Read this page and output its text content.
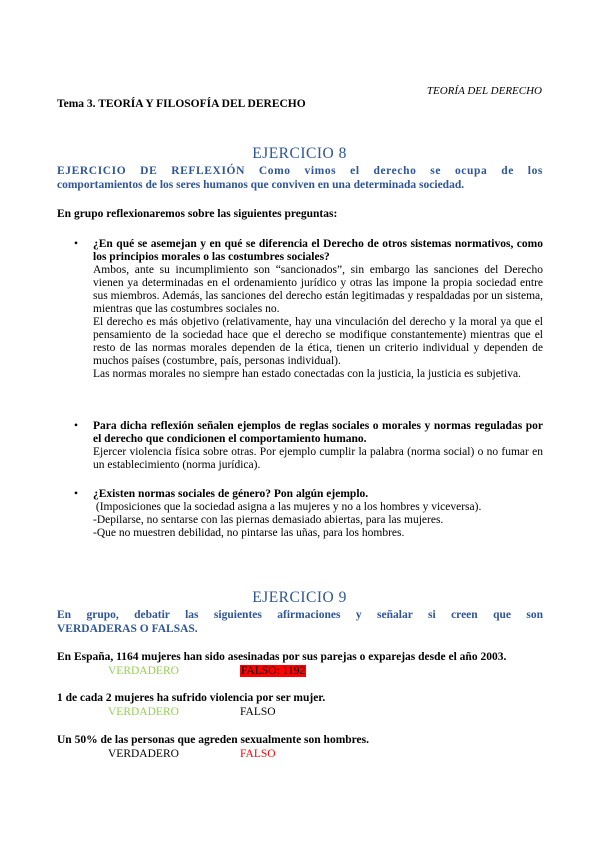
TEORÍA DEL DERECHO
Tema 3. TEORÍA Y FILOSOFÍA DEL DERECHO
EJERCICIO 8
EJERCICIO DE REFLEXIÓN Como vimos el derecho se ocupa de los
comportamientos de los seres humanos que conviven en una determinada sociedad.
En grupo reflexionaremos sobre las siguientes preguntas:
• ¿En qué se asemejan y en qué se diferencia el Derecho de otros sistemas normativos, como los principios morales o las costumbres sociales?
Ambos, ante su incumplimiento son “sancionados”, sin embargo las sanciones del Derecho vienen ya determinadas en el ordenamiento jurídico y otras las impone la propia sociedad entre sus miembros. Además, las sanciones del derecho están legitimadas y respaldadas por un sistema, mientras que las costumbres sociales no.
El derecho es más objetivo (relativamente, hay una vinculación del derecho y la moral ya que el pensamiento de la sociedad hace que el derecho se modifique constantemente) mientras que el resto de las normas morales dependen de la ética, tienen un criterio individual y dependen de muchos países (costumbre, país, personas individual).
Las normas morales no siempre han estado conectadas con la justicia, la justicia es subjetiva.
• Para dicha reflexión señalen ejemplos de reglas sociales o morales y normas reguladas por el derecho que condicionen el comportamiento humano.
Ejercer violencia física sobre otras. Por ejemplo cumplir la palabra (norma social) o no fumar en un establecimiento (norma jurídica).
• ¿Existen normas sociales de género? Pon algún ejemplo.
(Imposiciones que la sociedad asigna a las mujeres y no a los hombres y viceversa).
-Depilarse, no sentarse con las piernas demasiado abiertas, para las mujeres.
-Que no muestren debilidad, no pintarse las uñas, para los hombres.
EJERCICIO 9
En grupo, debatir las siguientes afirmaciones y señalar si creen que son
VERDADERAS O FALSAS.
En España, 1164 mujeres han sido asesinadas por sus parejas o exparejas desde el año 2003.
VERDADERO	FALSO: 1192
1 de cada 2 mujeres ha sufrido violencia por ser mujer.
VERDADERO	FALSO
Un 50% de las personas que agreden sexualmente son hombres.
VERDADERO	FALSO
